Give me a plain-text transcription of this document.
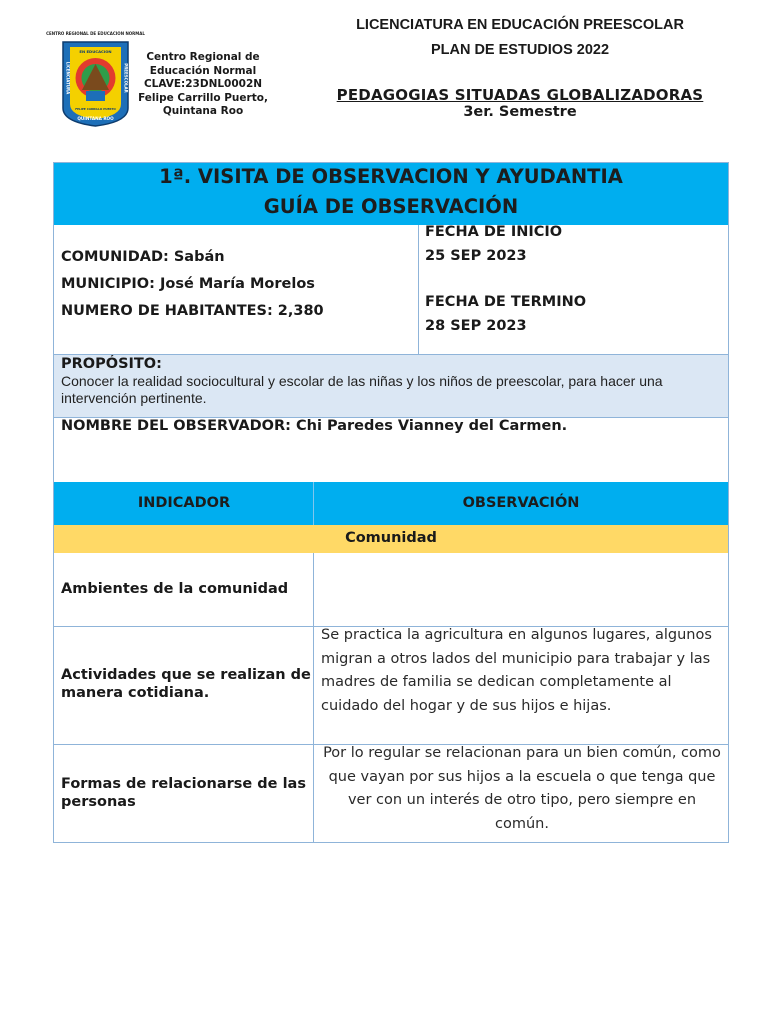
CENTRO REGIONAL DE EDUCACION NORMAL
EN EDUCACION
LICENCIATURA	PREESCOLAR
FELIPE CARRILLO PUERTO
QUINTANA ROO
Centro Regional de
Educación Normal
CLAVE:23DNL0002N
Felipe Carrillo Puerto,
Quintana Roo
LICENCIATURA EN EDUCACIÓN PREESCOLAR
PLAN DE ESTUDIOS 2022
PEDAGOGIAS SITUADAS GLOBALIZADORAS
3er. Semestre
1ª. VISITA DE OBSERVACION Y AYUDANTIA
GUÍA DE OBSERVACIÓN
COMUNIDAD: Sabán
MUNICIPIO: José María Morelos
NUMERO DE HABITANTES: 2,380
FECHA DE INICIO
25 SEP 2023
FECHA DE TERMINO
28 SEP 2023
PROPÓSITO:
Conocer la realidad sociocultural y escolar de las niñas y los niños de preescolar, para hacer una intervención pertinente.
NOMBRE DEL OBSERVADOR: Chi Paredes Vianney del Carmen.
INDICADOR	OBSERVACIÓN
Comunidad
Ambientes de la comunidad
Actividades que se realizan de manera cotidiana.
Se practica la agricultura en algunos lugares, algunos migran a otros lados del municipio para trabajar y las madres de familia se dedican completamente al cuidado del hogar y de sus hijos e hijas.
Formas de relacionarse de las personas
Por lo regular se relacionan para un bien común, como que vayan por sus hijos a la escuela o que tenga que ver con un interés de otro tipo, pero siempre en común.
